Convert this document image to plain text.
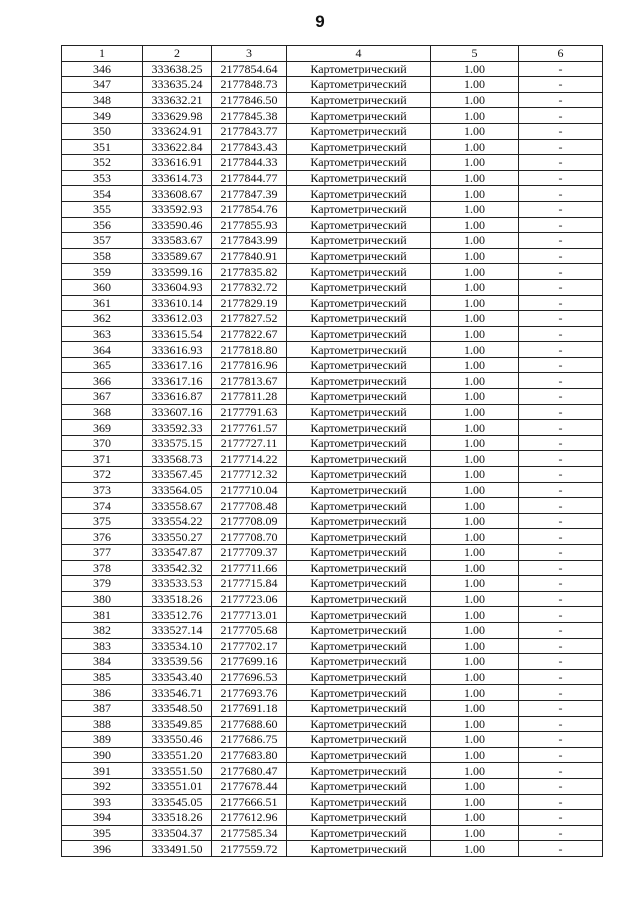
9
1	2	3	4	5	6
346	333638.25	2177854.64	Картометрический	1.00	-
347	333635.24	2177848.73	Картометрический	1.00	-
348	333632.21	2177846.50	Картометрический	1.00	-
349	333629.98	2177845.38	Картометрический	1.00	-
350	333624.91	2177843.77	Картометрический	1.00	-
351	333622.84	2177843.43	Картометрический	1.00	-
352	333616.91	2177844.33	Картометрический	1.00	-
353	333614.73	2177844.77	Картометрический	1.00	-
354	333608.67	2177847.39	Картометрический	1.00	-
355	333592.93	2177854.76	Картометрический	1.00	-
356	333590.46	2177855.93	Картометрический	1.00	-
357	333583.67	2177843.99	Картометрический	1.00	-
358	333589.67	2177840.91	Картометрический	1.00	-
359	333599.16	2177835.82	Картометрический	1.00	-
360	333604.93	2177832.72	Картометрический	1.00	-
361	333610.14	2177829.19	Картометрический	1.00	-
362	333612.03	2177827.52	Картометрический	1.00	-
363	333615.54	2177822.67	Картометрический	1.00	-
364	333616.93	2177818.80	Картометрический	1.00	-
365	333617.16	2177816.96	Картометрический	1.00	-
366	333617.16	2177813.67	Картометрический	1.00	-
367	333616.87	2177811.28	Картометрический	1.00	-
368	333607.16	2177791.63	Картометрический	1.00	-
369	333592.33	2177761.57	Картометрический	1.00	-
370	333575.15	2177727.11	Картометрический	1.00	-
371	333568.73	2177714.22	Картометрический	1.00	-
372	333567.45	2177712.32	Картометрический	1.00	-
373	333564.05	2177710.04	Картометрический	1.00	-
374	333558.67	2177708.48	Картометрический	1.00	-
375	333554.22	2177708.09	Картометрический	1.00	-
376	333550.27	2177708.70	Картометрический	1.00	-
377	333547.87	2177709.37	Картометрический	1.00	-
378	333542.32	2177711.66	Картометрический	1.00	-
379	333533.53	2177715.84	Картометрический	1.00	-
380	333518.26	2177723.06	Картометрический	1.00	-
381	333512.76	2177713.01	Картометрический	1.00	-
382	333527.14	2177705.68	Картометрический	1.00	-
383	333534.10	2177702.17	Картометрический	1.00	-
384	333539.56	2177699.16	Картометрический	1.00	-
385	333543.40	2177696.53	Картометрический	1.00	-
386	333546.71	2177693.76	Картометрический	1.00	-
387	333548.50	2177691.18	Картометрический	1.00	-
388	333549.85	2177688.60	Картометрический	1.00	-
389	333550.46	2177686.75	Картометрический	1.00	-
390	333551.20	2177683.80	Картометрический	1.00	-
391	333551.50	2177680.47	Картометрический	1.00	-
392	333551.01	2177678.44	Картометрический	1.00	-
393	333545.05	2177666.51	Картометрический	1.00	-
394	333518.26	2177612.96	Картометрический	1.00	-
395	333504.37	2177585.34	Картометрический	1.00	-
396	333491.50	2177559.72	Картометрический	1.00	-
